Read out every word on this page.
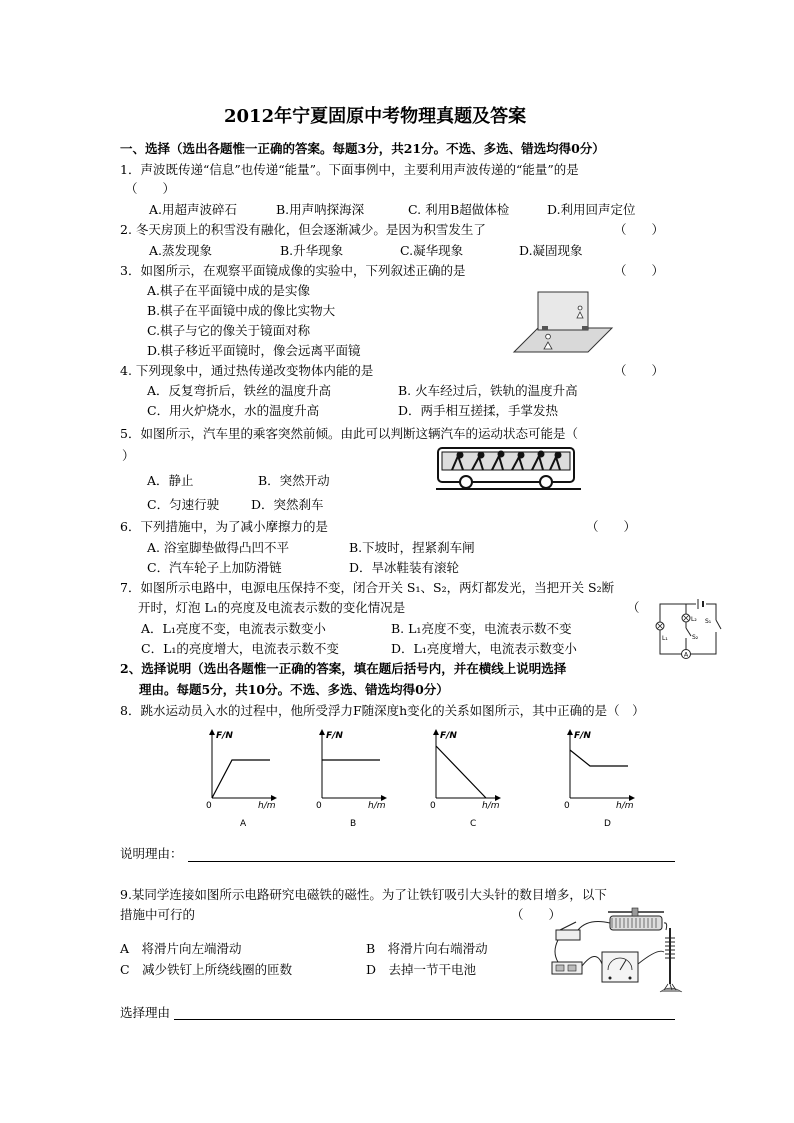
2012年宁夏固原中考物理真题及答案
一、选择（选出各题惟一正确的答案。每题3分，共21分。不选、多选、错选均得0分）
1．声波既传递“信息”也传递“能量”。下面事例中，主要利用声波传递的“能量”的是
（　　）
A.用超声波碎石	B.用声呐探海深	C. 利用B超做体检	D.利用回声定位
2. 冬天房顶上的积雪没有融化，但会逐渐减少。是因为积雪发生了	（　　）
A.蒸发现象	B.升华现象	C.凝华现象	D.凝固现象
3．如图所示，在观察平面镜成像的实验中，下列叙述正确的是	（　　）
A.棋子在平面镜中成的是实像
B.棋子在平面镜中成的像比实物大
C.棋子与它的像关于镜面对称
D.棋子移近平面镜时，像会远离平面镜
4. 下列现象中，通过热传递改变物体内能的是	（　　）
A．反复弯折后，铁丝的温度升高	B. 火车经过后，铁轨的温度升高
C．用火炉烧水，水的温度升高	D．两手相互搓揉，手掌发热
5．如图所示，汽车里的乘客突然前倾。由此可以判断这辆汽车的运动状态可能是（
）
A．静止	B．突然开动
C．匀速行驶	D．突然刹车
6．下列措施中，为了减小摩擦力的是	（　　）
A. 浴室脚垫做得凸凹不平	B.下坡时，捏紧刹车闸
C．汽车轮子上加防滑链	D．旱冰鞋装有滚轮
7．如图所示电路中，电源电压保持不变，闭合开关 S₁、S₂，两灯都发光，当把开关 S₂断
开时，灯泡 L₁的亮度及电流表示数的变化情况是	（
A．L₁亮度不变，电流表示数变小	B. L₁亮度不变，电流表示数不变
C．L₁的亮度增大，电流表示数不变	D．L₁亮度增大，电流表示数变小	A
L₁
L₂
S₂
S₁
2、选择说明（选出各题惟一正确的答案，填在题后括号内，并在横线上说明选择
理由。每题5分，共10分。不选、多选、错选均得0分）
8．跳水运动员入水的过程中，他所受浮力F随深度h变化的关系如图所示，其中正确的是（　）
F/N
h/m
0
A
F/N
h/m
0
B
F/N
h/m
0
C
F/N
h/m
0
D
说明理由：
9.某同学连接如图所示电路研究电磁铁的磁性。为了让铁钉吸引大头针的数目增多，以下
措施中可行的	（　　）
A　将滑片向左端滑动	B　将滑片向右端滑动
C　减少铁钉上所绕线圈的匝数	D　去掉一节干电池
选择理由
